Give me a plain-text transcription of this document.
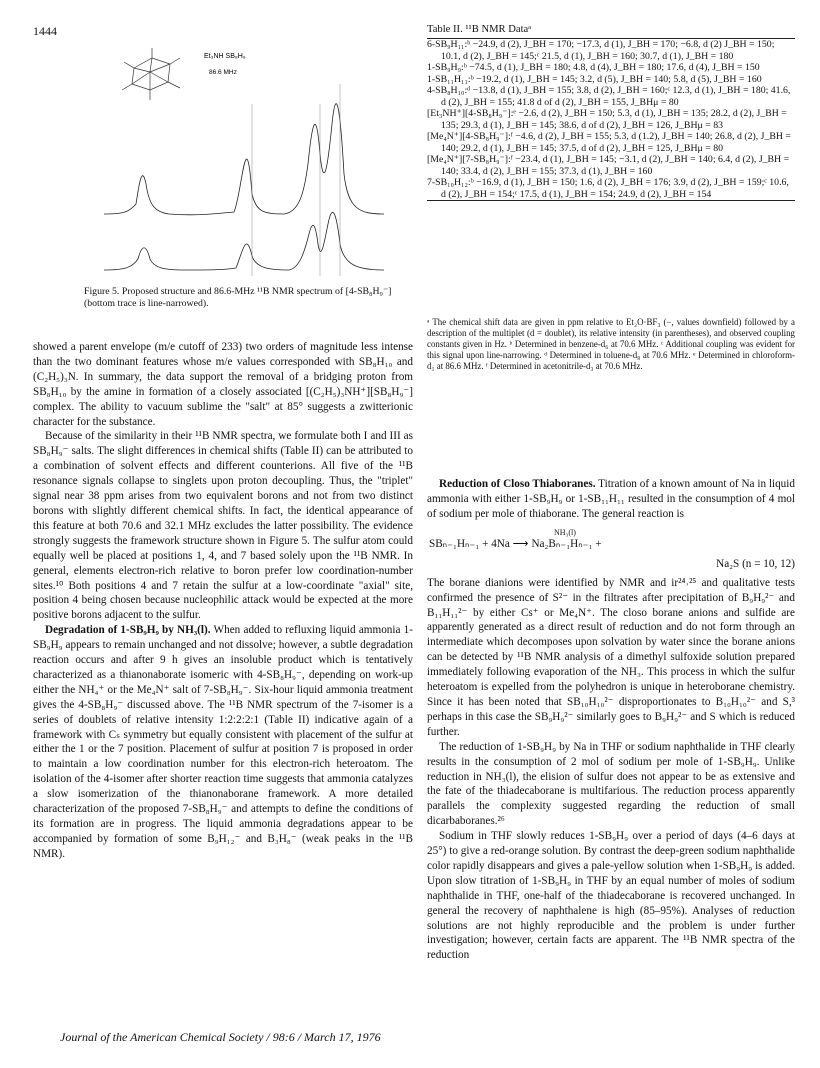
1444
Et₃NH SB₈H₉
86.6 MHz
Figure 5. Proposed structure and 86.6-MHz ¹¹B NMR spectrum of [4-SB₈H₉⁻] (bottom trace is line-narrowed).
Table II. ¹¹B NMR Dataᵃ
6-SB₉H₁₁:ᵇ −24.9, d (2), J_BH = 170; −17.3, d (1), J_BH = 170; −6.8, d (2) J_BH = 150; 10.1, d (2), J_BH = 145;ᶜ 21.5, d (1), J_BH = 160; 30.7, d (1), J_BH = 180
1-SB₉H₉:ᵇ −74.5, d (1), J_BH = 180; 4.8, d (4), J_BH = 180; 17.6, d (4), J_BH = 150
1-SB₁₁H₁₁:ᵇ −19.2, d (1), J_BH = 145; 3.2, d (5), J_BH = 140; 5.8, d (5), J_BH = 160
4-SB₈H₁₀:ᵈ −13.8, d (1), J_BH = 155; 3.8, d (2), J_BH = 160;ᶜ 12.3, d (1), J_BH = 180; 41.6, d (2), J_BH = 155; 41.8 d of d (2), J_BH = 155, J_BHμ = 80
[Et₃NH⁺][4-SB₈H₉⁻]:ᵉ −2.6, d (2), J_BH = 150; 5.3, d (1), J_BH = 135; 28.2, d (2), J_BH = 135; 29.3, d (1), J_BH = 145; 38.6, d of d (2), J_BH = 126, J_BHμ = 83
[Me₄N⁺][4-SB₈H₉⁻]:ᶠ −4.6, d (2), J_BH = 155; 5.3, d (1.2), J_BH = 140; 26.8, d (2), J_BH = 140; 29.2, d (1), J_BH = 145; 37.5, d of d (2), J_BH = 125, J_BHμ = 80
[Me₄N⁺][7-SB₈H₉⁻]:ᶠ −23.4, d (1), J_BH = 145; −3.1, d (2), J_BH = 140; 6.4, d (2), J_BH = 140; 33.4, d (2), J_BH = 155; 37.3, d (1), J_BH = 160
7-SB₁₀H₁₂:ᵇ −16.9, d (1), J_BH = 150; 1.6, d (2), J_BH = 176; 3.9, d (2), J_BH = 159;ᶜ 10.6, d (2), J_BH = 154;ᶜ 17.5, d (1), J_BH = 154; 24.9, d (2), J_BH = 154
ᵃ The chemical shift data are given in ppm relative to Et₂O·BF₃ (−, values downfield) followed by a description of the multiplet (d = doublet), its relative intensity (in parentheses), and observed coupling constants given in Hz. ᵇ Determined in benzene-d₆ at 70.6 MHz. ᶜ Additional coupling was evident for this signal upon line-narrowing. ᵈ Determined in toluene-d₈ at 70.6 MHz. ᵉ Determined in chloroform-d₁ at 86.6 MHz. ᶠ Determined in acetonitrile-d₃ at 70.6 MHz.

showed a parent envelope (m/e cutoff of 233) two orders of magnitude less intense than the two dominant features whose m/e values corresponded with SB₈H₁₀ and (C₂H₅)₃N. In summary, the data support the removal of a bridging proton from SB₈H₁₀ by the amine in formation of a closely associated [(C₂H₅)₃NH⁺][SB₈H₉⁻] complex. The ability to vacuum sublime the "salt" at 85° suggests a zwitterionic character for the substance.

Because of the similarity in their ¹¹B NMR spectra, we formulate both I and III as SB₈H₉⁻ salts. The slight differences in chemical shifts (Table II) can be attributed to a combination of solvent effects and different counterions. All five of the ¹¹B resonance signals collapse to singlets upon proton decoupling. Thus, the "triplet" signal near 38 ppm arises from two equivalent borons and not from two distinct borons with slightly different chemical shifts. In fact, the identical appearance of this feature at both 70.6 and 32.1 MHz excludes the latter possibility. The evidence strongly suggests the framework structure shown in Figure 5. The sulfur atom could equally well be placed at positions 1, 4, and 7 based solely upon the ¹¹B NMR. In general, elements electron-rich relative to boron prefer low coordination-number sites.¹⁰ Both positions 4 and 7 retain the sulfur at a low-coordinate "axial" site, position 4 being chosen because nucleophilic attack would be expected at the more positive borons adjacent to the sulfur.

Degradation of 1-SB₉H₉ by NH₃(l). When added to refluxing liquid ammonia 1-SB₉H₉ appears to remain unchanged and not dissolve; however, a subtle degradation reaction occurs and after 9 h gives an insoluble product which is tentatively characterized as a thianonaborate isomeric with 4-SB₈H₉⁻, depending on work-up either the NH₄⁺ or the Me₄N⁺ salt of 7-SB₈H₉⁻. Six-hour liquid ammonia treatment gives the 4-SB₈H₉⁻ discussed above. The ¹¹B NMR spectrum of the 7-isomer is a series of doublets of relative intensity 1:2:2:2:1 (Table II) indicative again of a framework with Cₛ symmetry but equally consistent with placement of the sulfur at either the 1 or the 7 position. Placement of sulfur at position 7 is proposed in order to maintain a low coordination number for this electron-rich heteroatom. The isolation of the 4-isomer after shorter reaction time suggests that ammonia catalyzes a slow isomerization of the thianonaborane framework. A more detailed characterization of the proposed 7-SB₈H₉⁻ and attempts to define the conditions of its formation are in progress. The liquid ammonia degradations appear to be accompanied by formation of some B₉H₁₂⁻ and B₃H₈⁻ (weak peaks in the ¹¹B NMR).

Reduction of Closo Thiaboranes. Titration of a known amount of Na in liquid ammonia with either 1-SB₉H₉ or 1-SB₁₁H₁₁ resulted in the consumption of 4 mol of sodium per mole of thiaborane. The general reaction is

NH₃(l)
SBₙ₋₁Hₙ₋₁ + 4Na ⟶ Na₂Bₙ₋₁Hₙ₋₁ +
Na₂S (n = 10, 12)

The borane dianions were identified by NMR and ir²⁴˒²⁵ and qualitative tests confirmed the presence of S²⁻ in the filtrates after precipitation of B₉H₉²⁻ and B₁₁H₁₁²⁻ by either Cs⁺ or Me₄N⁺. The closo borane anions and sulfide are apparently generated as a direct result of reduction and do not form through an intermediate which decomposes upon solvation by water since the borane anions can be detected by ¹¹B NMR analysis of a dimethyl sulfoxide solution prepared immediately following evaporation of the NH₃. This process in which the sulfur heteroatom is expelled from the polyhedron is unique in heteroborane chemistry. Since it has been noted that SB₁₀H₁₀²⁻ disproportionates to B₁₀H₁₀²⁻ and S,³ perhaps in this case the SB₉H₉²⁻ similarly goes to B₉H₉²⁻ and S which is reduced further.

The reduction of 1-SB₉H₉ by Na in THF or sodium naphthalide in THF clearly results in the consumption of 2 mol of sodium per mole of 1-SB₉H₉. Unlike reduction in NH₃(l), the elision of sulfur does not appear to be as extensive and the fate of the thiadecaborane is multifarious. The reduction process apparently parallels the complexity suggested regarding the reduction of small dicarbaboranes.²⁶

Sodium in THF slowly reduces 1-SB₉H₉ over a period of days (4–6 days at 25°) to give a red-orange solution. By contrast the deep-green sodium naphthalide color rapidly disappears and gives a pale-yellow solution when 1-SB₉H₉ is added. Upon slow titration of 1-SB₉H₉ in THF by an equal number of moles of sodium naphthalide in THF, one-half of the thiadecaborane is recovered unchanged. In general the recovery of naphthalene is high (85–95%). Analyses of reduction solutions are not highly reproducible and the problem is under further investigation; however, certain facts are apparent. The ¹¹B NMR spectra of the reduction

Journal of the American Chemical Society / 98:6 / March 17, 1976
